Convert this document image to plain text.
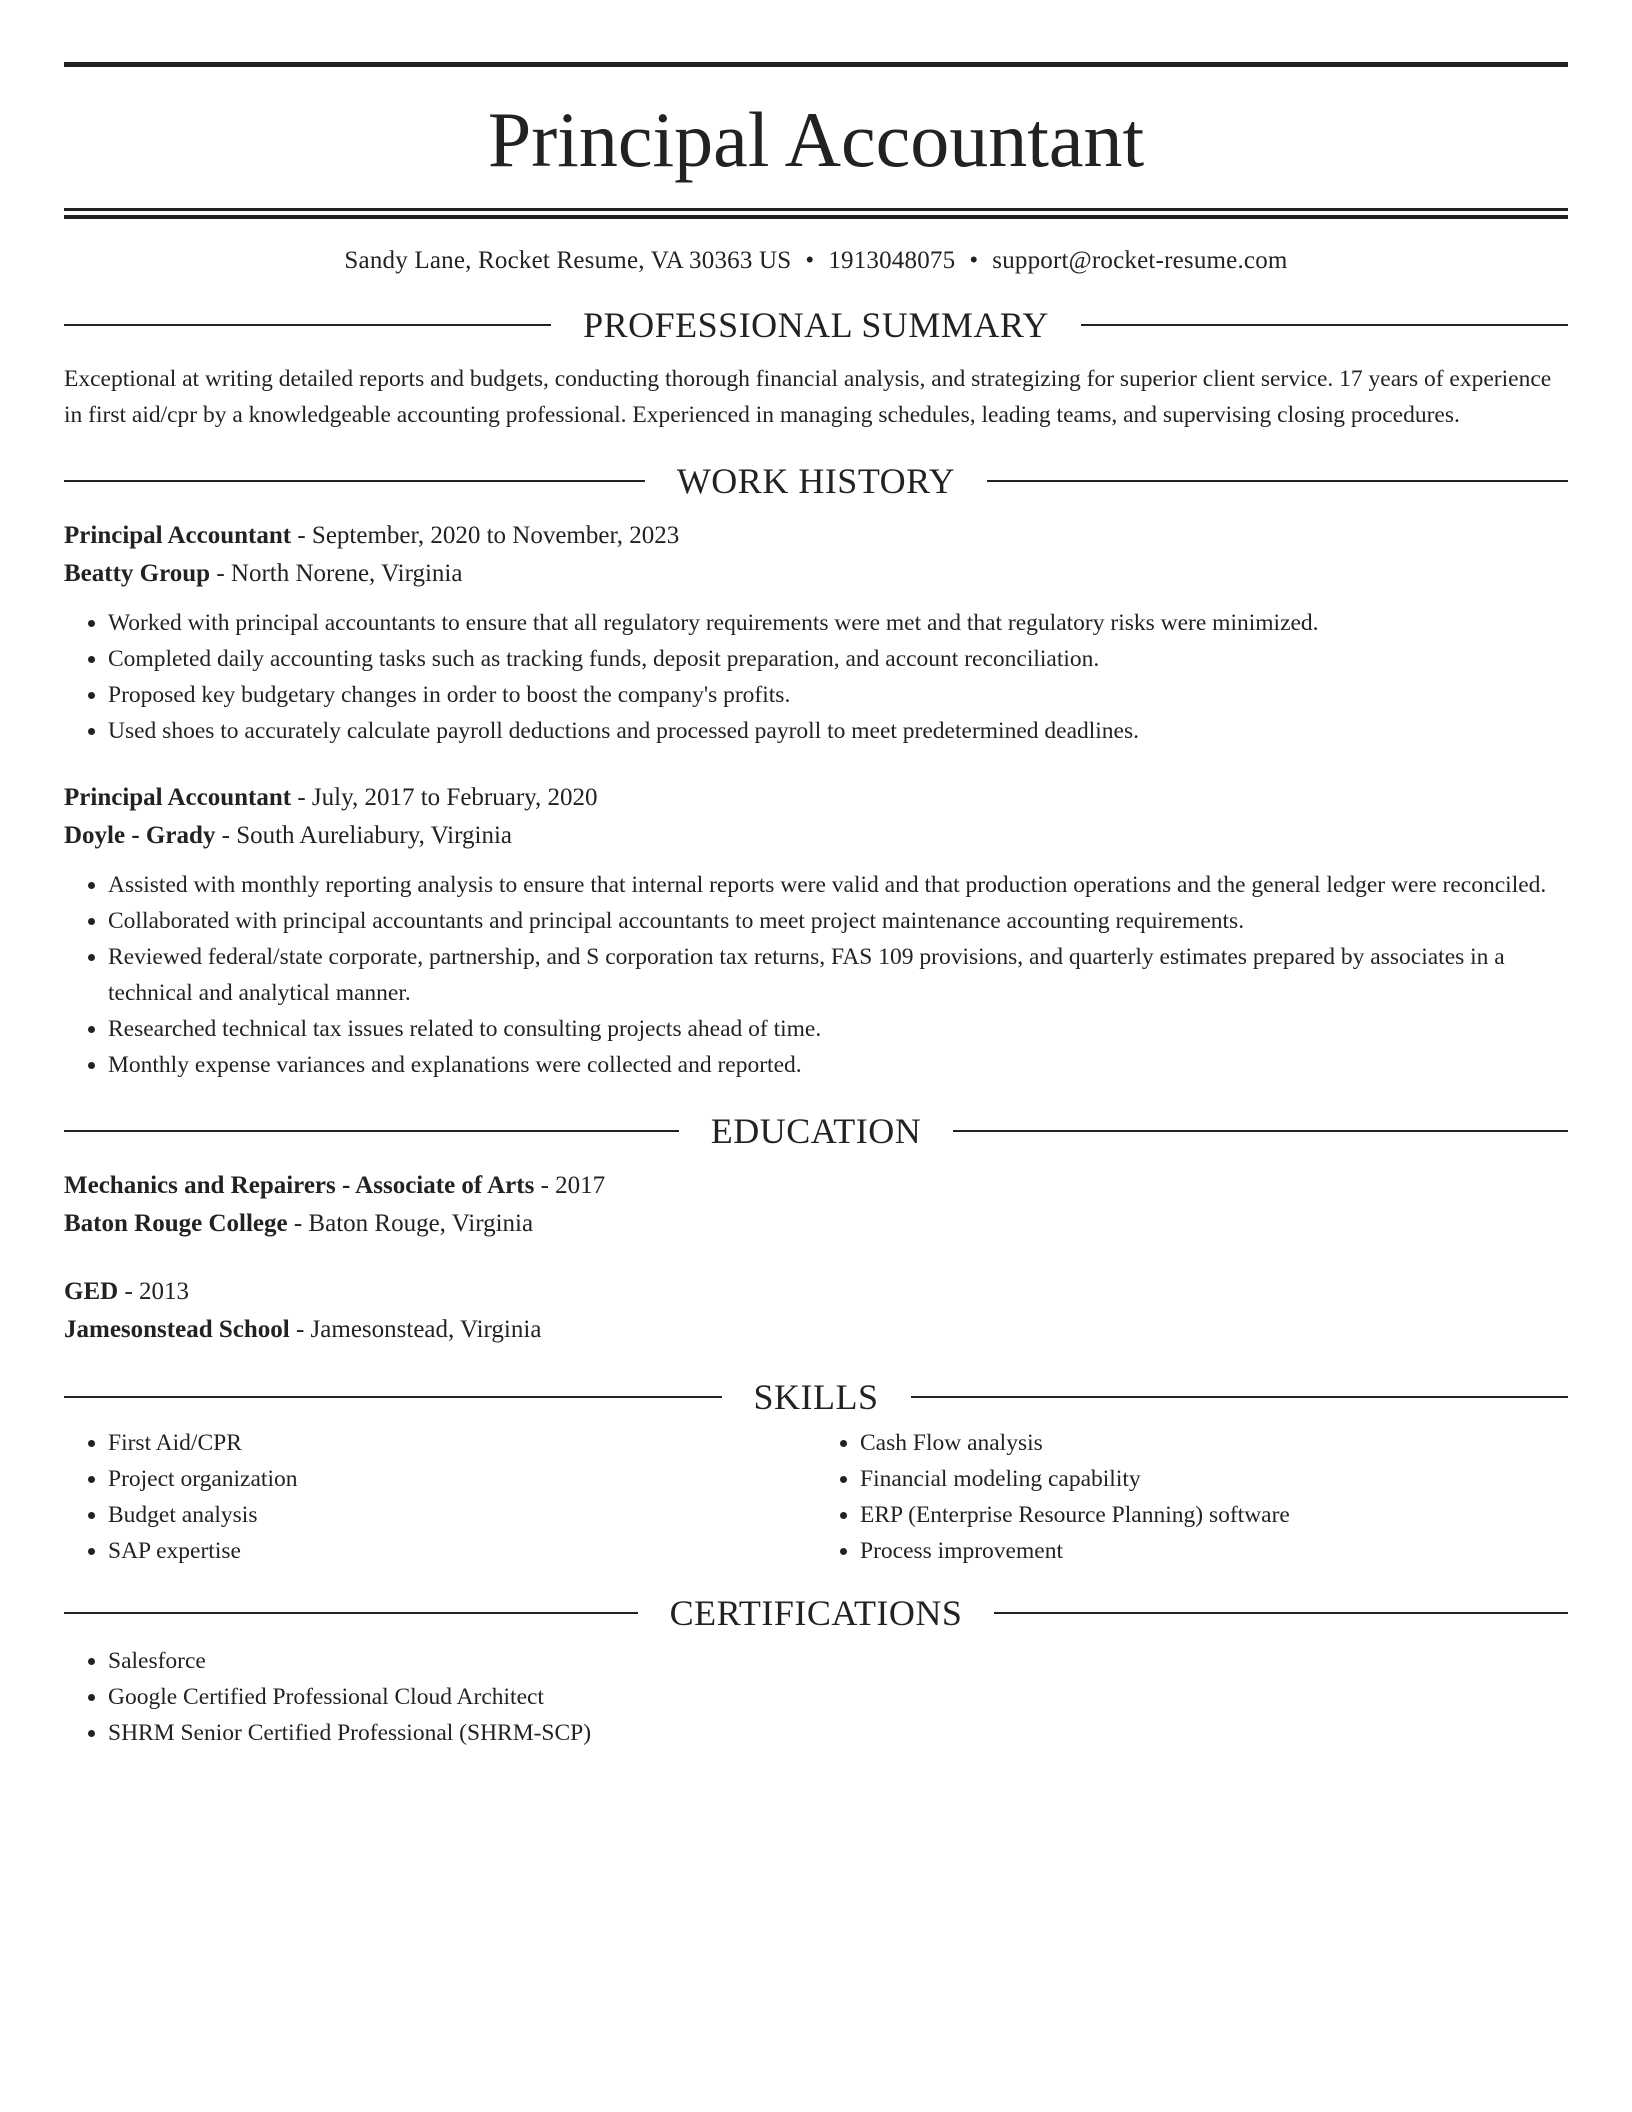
Principal Accountant
Sandy Lane, Rocket Resume, VA 30363 US • 1913048075 • support@rocket-resume.com
PROFESSIONAL SUMMARY
Exceptional at writing detailed reports and budgets, conducting thorough financial analysis, and strategizing for superior client service. 17 years of experience in first aid/cpr by a knowledgeable accounting professional. Experienced in managing schedules, leading teams, and supervising closing procedures.
WORK HISTORY
Principal Accountant - September, 2020 to November, 2023
Beatty Group - North Norene, Virginia
• Worked with principal accountants to ensure that all regulatory requirements were met and that regulatory risks were minimized.
• Completed daily accounting tasks such as tracking funds, deposit preparation, and account reconciliation.
• Proposed key budgetary changes in order to boost the company's profits.
• Used shoes to accurately calculate payroll deductions and processed payroll to meet predetermined deadlines.
Principal Accountant - July, 2017 to February, 2020
Doyle - Grady - South Aureliabury, Virginia
• Assisted with monthly reporting analysis to ensure that internal reports were valid and that production operations and the general ledger were reconciled.
• Collaborated with principal accountants and principal accountants to meet project maintenance accounting requirements.
• Reviewed federal/state corporate, partnership, and S corporation tax returns, FAS 109 provisions, and quarterly estimates prepared by associates in a technical and analytical manner.
• Researched technical tax issues related to consulting projects ahead of time.
• Monthly expense variances and explanations were collected and reported.
EDUCATION
Mechanics and Repairers - Associate of Arts - 2017
Baton Rouge College - Baton Rouge, Virginia
GED - 2013
Jamesonstead School - Jamesonstead, Virginia
SKILLS
• First Aid/CPR
• Project organization
• Budget analysis
• SAP expertise
• Cash Flow analysis
• Financial modeling capability
• ERP (Enterprise Resource Planning) software
• Process improvement
CERTIFICATIONS
• Salesforce
• Google Certified Professional Cloud Architect
• SHRM Senior Certified Professional (SHRM-SCP)
